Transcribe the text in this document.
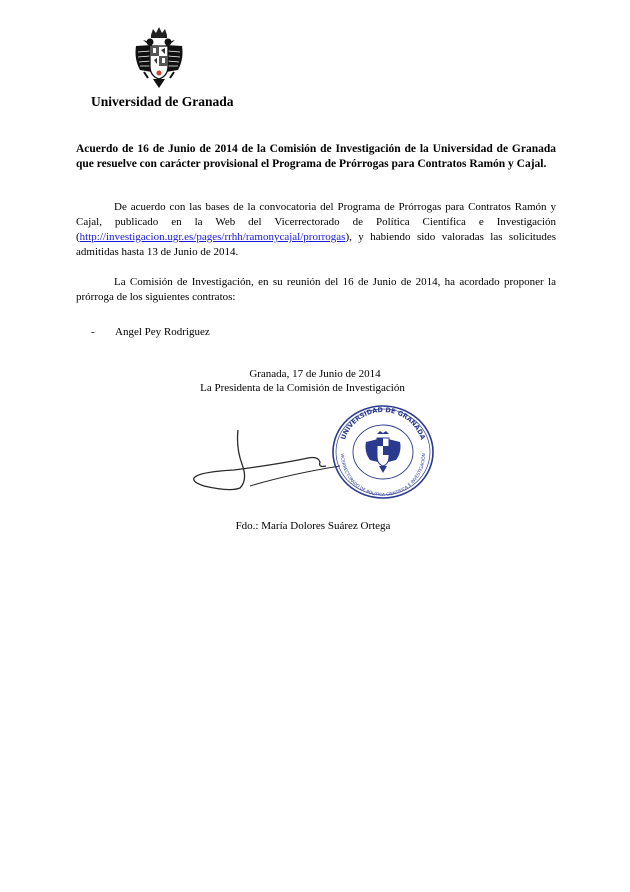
Universidad de Granada
Acuerdo de 16 de Junio de 2014 de la Comisión de Investigación de la Universidad de Granada que resuelve con carácter provisional el Programa de Prórrogas para Contratos Ramón y Cajal.
De acuerdo con las bases de la convocatoria del Programa de Prórrogas para Contratos Ramón y Cajal, publicado en la Web del Vicerrectorado de Política Científica e Investigación (http://investigacion.ugr.es/pages/rrhh/ramonycajal/prorrogas), y habiendo sido valoradas las solicitudes admitidas hasta 13 de Junio de 2014.
La Comisión de Investigación, en su reunión del 16 de Junio de 2014, ha acordado proponer la prórroga de los siguientes contratos:
- Angel Pey Rodriguez
Granada, 17 de Junio de 2014
La Presidenta de la Comisión de Investigación
UNIVERSIDAD DE GRANADA
VICERRECTORADO DE POLÍTICA CIENTÍFICA E INVESTIGACIÓN
Fdo.: María Dolores Suárez Ortega
